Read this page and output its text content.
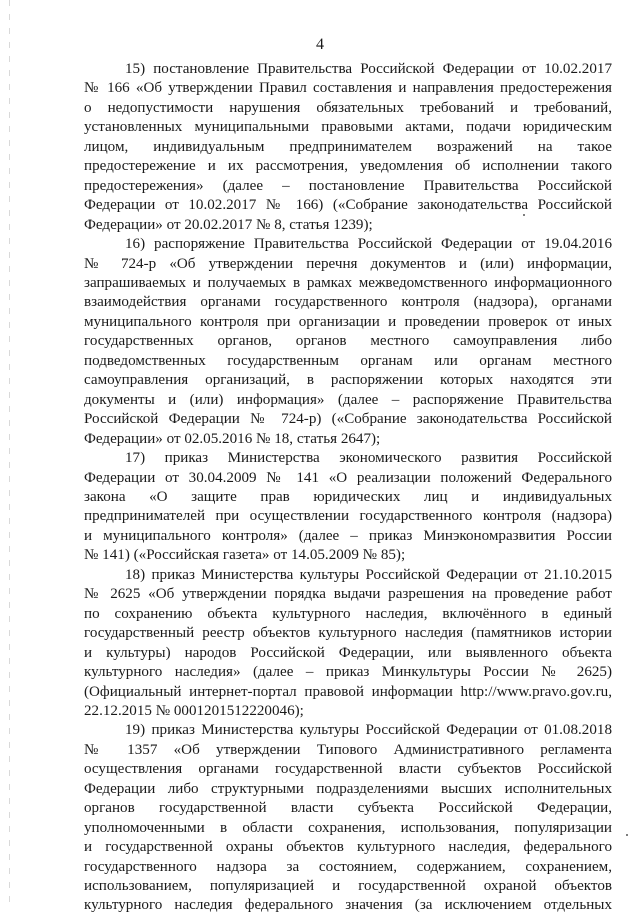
4
15) постановление Правительства Российской Федерации от 10.02.2017
№ 166 «Об утверждении Правил составления и направления предостережения
о недопустимости нарушения обязательных требований и требований,
установленных муниципальными правовыми актами, подачи юридическим
лицом, индивидуальным предпринимателем возражений на такое
предостережение и их рассмотрения, уведомления об исполнении такого
предостережения» (далее – постановление Правительства Российской
Федерации от 10.02.2017 № 166) («Собрание законодательства Российской
Федерации» от 20.02.2017 № 8, статья 1239);
16) распоряжение Правительства Российской Федерации от 19.04.2016
№ 724-р «Об утверждении перечня документов и (или) информации,
запрашиваемых и получаемых в рамках межведомственного информационного
взаимодействия органами государственного контроля (надзора), органами
муниципального контроля при организации и проведении проверок от иных
государственных органов, органов местного самоуправления либо
подведомственных государственным органам или органам местного
самоуправления организаций, в распоряжении которых находятся эти
документы и (или) информация» (далее – распоряжение Правительства
Российской Федерации № 724-р) («Собрание законодательства Российской
Федерации» от 02.05.2016 № 18, статья 2647);
17) приказ Министерства экономического развития Российской
Федерации от 30.04.2009 № 141 «О реализации положений Федерального
закона «О защите прав юридических лиц и индивидуальных
предпринимателей при осуществлении государственного контроля (надзора)
и муниципального контроля» (далее – приказ Минэкономразвития России
№ 141) («Российская газета» от 14.05.2009 № 85);
18) приказ Министерства культуры Российской Федерации от 21.10.2015
№ 2625 «Об утверждении порядка выдачи разрешения на проведение работ
по сохранению объекта культурного наследия, включённого в единый
государственный реестр объектов культурного наследия (памятников истории
и культуры) народов Российской Федерации, или выявленного объекта
культурного наследия» (далее – приказ Минкультуры России № 2625)
(Официальный интернет-портал правовой информации http://www.pravo.gov.ru,
22.12.2015 № 0001201512220046);
19) приказ Министерства культуры Российской Федерации от 01.08.2018
№ 1357 «Об утверждении Типового Административного регламента
осуществления органами государственной власти субъектов Российской
Федерации либо структурными подразделениями высших исполнительных
органов государственной власти субъекта Российской Федерации,
уполномоченными в области сохранения, использования, популяризации
и государственной охраны объектов культурного наследия, федерального
государственного надзора за состоянием, содержанием, сохранением,
использованием, популяризацией и государственной охраной объектов
культурного наследия федерального значения (за исключением отдельных
